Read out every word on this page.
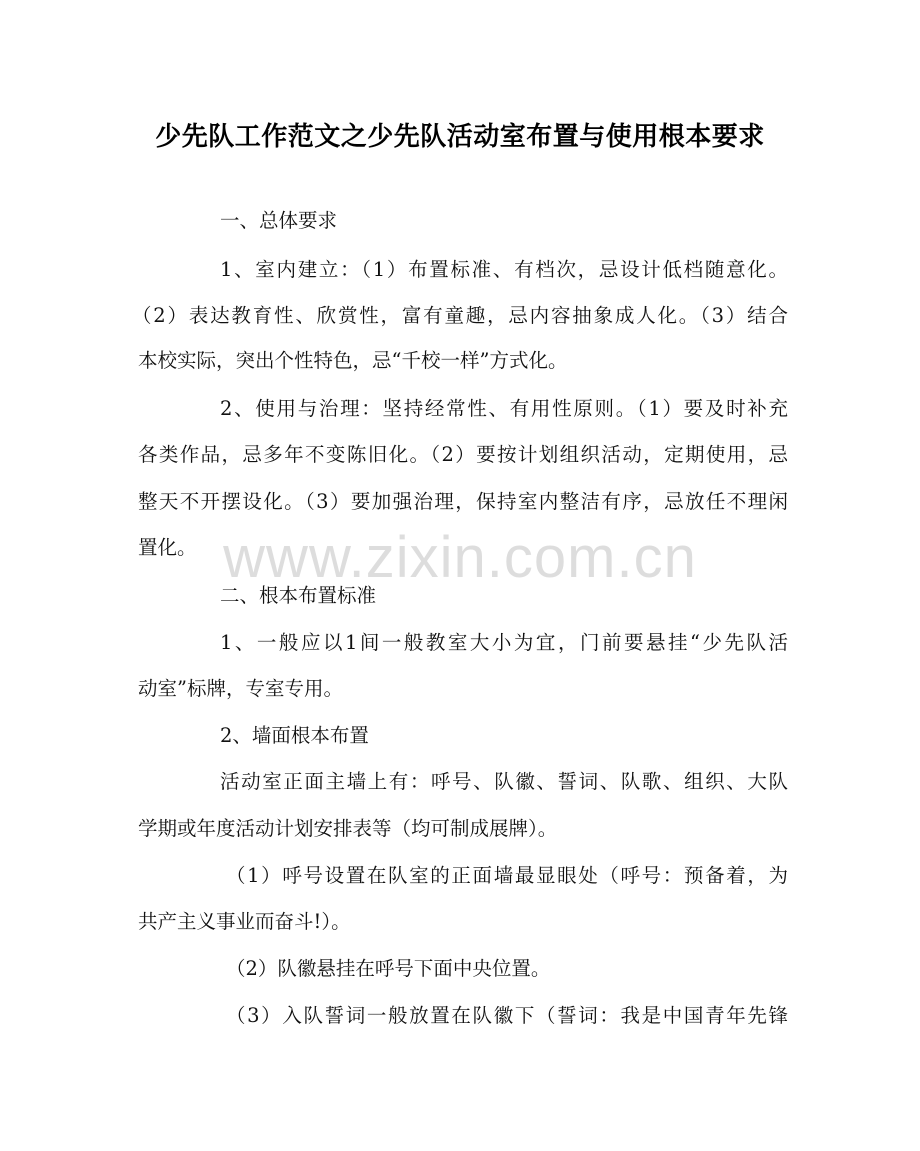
少先队工作范文之少先队活动室布置与使用根本要求
一、总体要求
1、室内建立：（1）布置标准、有档次，忌设计低档随意化。
（2）表达教育性、欣赏性，富有童趣，忌内容抽象成人化。（3）结合
本校实际，突出个性特色，忌“千校一样”方式化。
2、使用与治理：坚持经常性、有用性原则。（1）要及时补充
各类作品，忌多年不变陈旧化。（2）要按计划组织活动，定期使用，忌
整天不开摆设化。（3）要加强治理，保持室内整洁有序，忌放任不理闲
置化。
二、根本布置标准
1、一般应以1间一般教室大小为宜，门前要悬挂“少先队活
动室”标牌，专室专用。
2、墙面根本布置
活动室正面主墙上有：呼号、队徽、誓词、队歌、组织、大队
学期或年度活动计划安排表等（均可制成展牌）。
（1）呼号设置在队室的正面墙最显眼处（呼号：预备着，为
共产主义事业而奋斗!）。
（2）队徽悬挂在呼号下面中央位置。
（3）入队誓词一般放置在队徽下（誓词：我是中国青年先锋
www.zixin.com.cn
